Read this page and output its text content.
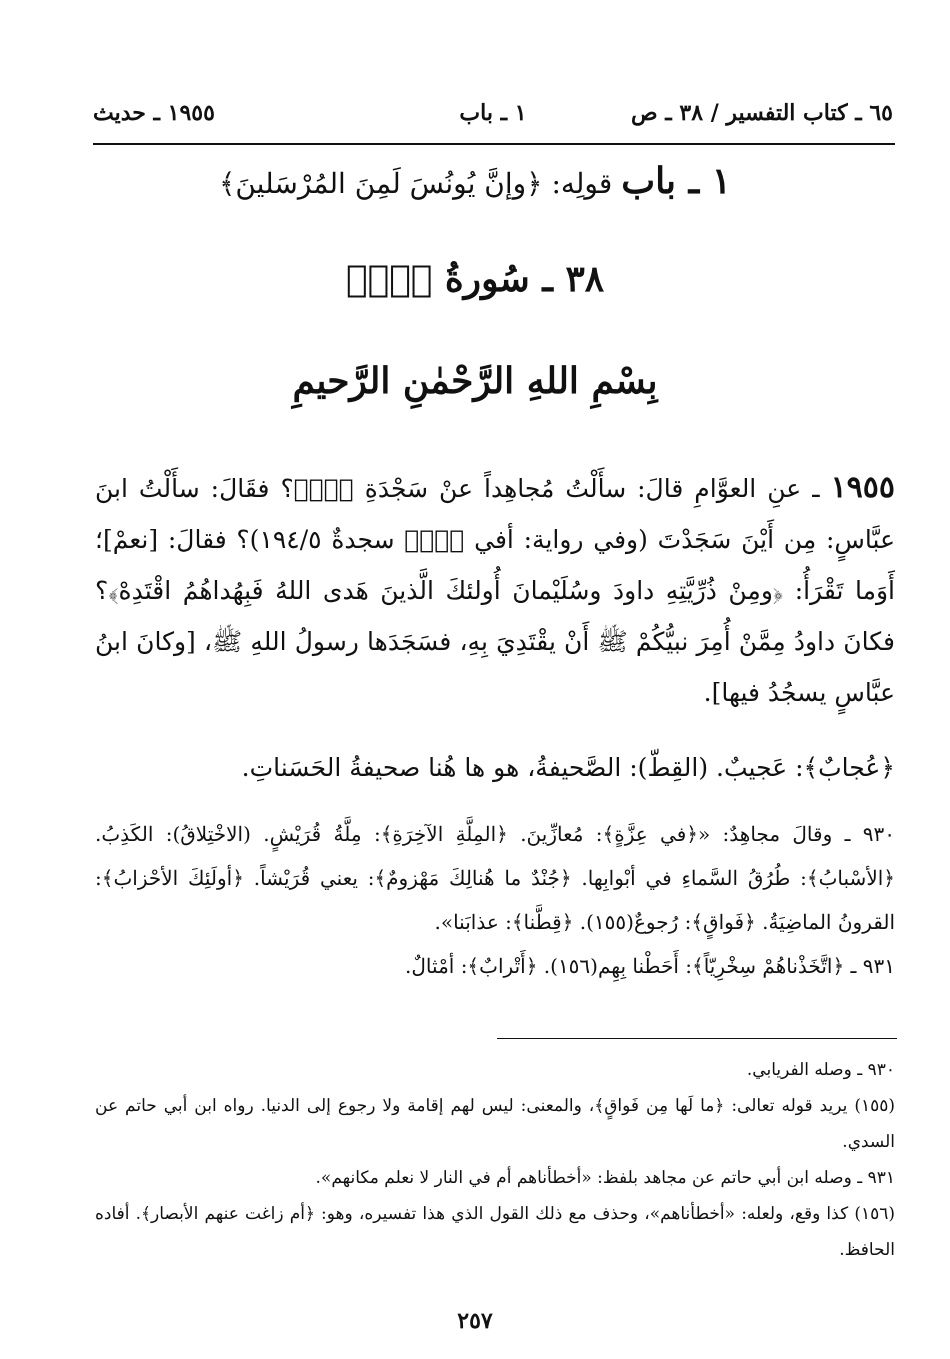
٦٥ ـ كتاب التفسير / ٣٨ ـ ص
١ ـ باب
١٩٥٥ ـ حديث
١ ـ باب قولِه: ﴿وإنَّ يُونُسَ لَمِنَ المُرْسَلينَ﴾
٣٨ ـ سُورةُ ﴿صۤ﴾
بِسْمِ اللهِ الرَّحْمٰنِ الرَّحيمِ
١٩٥٥ ـ عنِ العوَّامِ قالَ: سأَلْتُ مُجاهِداً عنْ سَجْدَةِ ﴿صۤ﴾؟ فقَالَ: سأَلْتُ ابنَ عبَّاسٍ: مِن أَيْنَ سَجَدْتَ (وفي رواية: أفي ﴿صۤ﴾ سجدةٌ ١٩٤/٥)؟ فقالَ: [نعمْ]؛ أَوَما تَقْرَأُ: ﴿ومِنْ ذُرِّيَّتِهِ داودَ وسُلَيْمانَ أُولئكَ الَّذينَ هَدى اللهُ فَبِهُداهُمُ اقْتَدِهْ﴾؟ فكانَ داودُ مِمَّنْ أُمِرَ نبيُّكُمْ ﷺ أَنْ يقْتَدِيَ بِهِ، فسَجَدَها رسولُ اللهِ ﷺ، [وكانَ ابنُ عبَّاسٍ يسجُدُ فيها].
﴿عُجابٌ﴾: عَجيبٌ. (القِطّ): الصَّحيفةُ، هو ها هُنا صحيفةُ الحَسَناتِ.

٩٣٠ ـ وقالَ مجاهِدٌ: «﴿في عِزَّةٍ﴾: مُعازِّينَ. ﴿المِلَّةِ الآخِرَةِ﴾: مِلَّةُ قُرَيْشٍ. (الاخْتِلاقُ): الكَذِبُ. ﴿الأسْبابُ﴾: طُرُقُ السَّماءِ في أبْوابِها. ﴿جُنْدٌ ما هُنالِكَ مَهْزومٌ﴾: يعني قُرَيْشاً. ﴿أولَئِكَ الأحْزابُ﴾: القرونُ الماضِيَةُ. ﴿فَواقٍ﴾: رُجوعٌ(١٥٥). ﴿قِطَّنا﴾: عذابَنا».

٩٣١ ـ ﴿اتَّخَذْناهُمْ سِخْرِيّاً﴾: أَحَطْنا بِهِم(١٥٦). ﴿أَتْرابٌ﴾: أمْثالٌ.

٩٣٠ ـ وصله الفريابي.

(١٥٥) يريد قوله تعالى: ﴿ما لَها مِن فَواقٍ﴾، والمعنى: ليس لهم إقامة ولا رجوع إلى الدنيا. رواه ابن أبي حاتم عن السدي.

٩٣١ ـ وصله ابن أبي حاتم عن مجاهد بلفظ: «أخطأناهم أم في النار لا نعلم مكانهم».

(١٥٦) كذا وقع، ولعله: «أخطأناهم»، وحذف مع ذلك القول الذي هذا تفسيره، وهو: ﴿أم زاغت عنهم الأبصار﴾. أفاده الحافظ.

٢٥٧
